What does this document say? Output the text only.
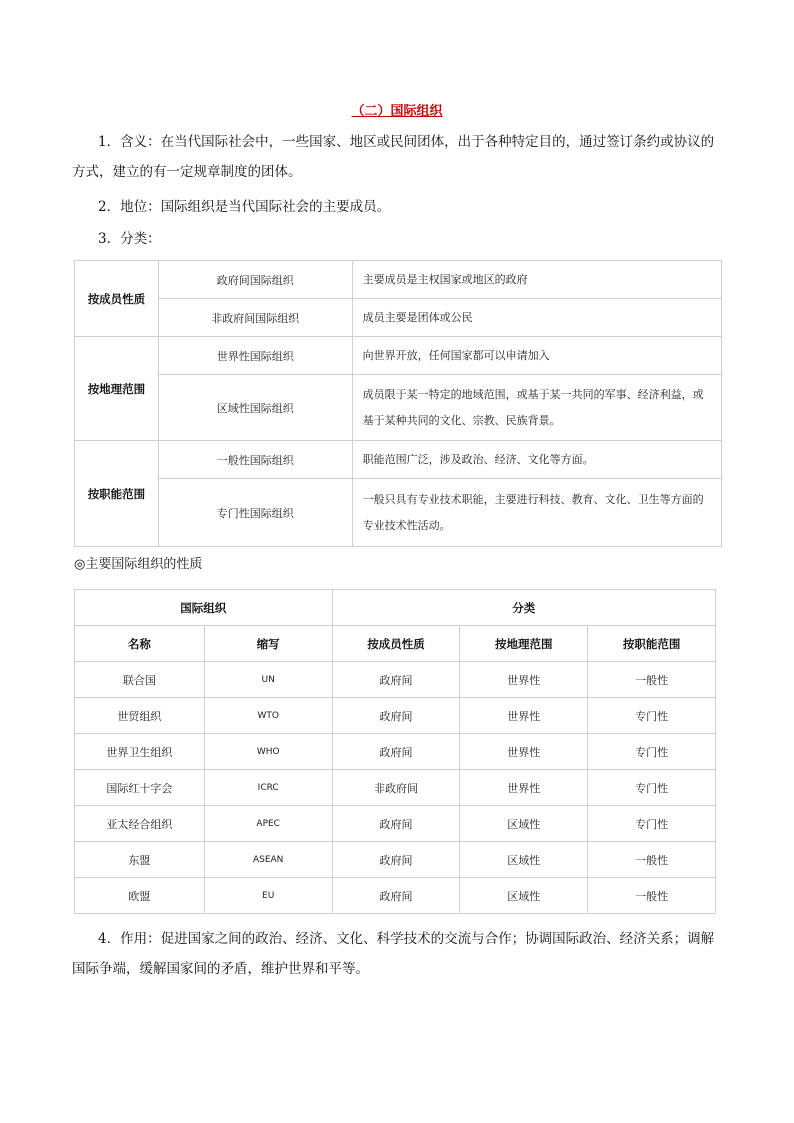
（二）国际组织
1．含义：在当代国际社会中，一些国家、地区或民间团体，出于各种特定目的，通过签订条约或协议的方式，建立的有一定规章制度的团体。
2．地位：国际组织是当代国际社会的主要成员。
3．分类：
按成员性质	政府间国际组织	主要成员是主权国家或地区的政府
	非政府间国际组织	成员主要是团体或公民
按地理范围	世界性国际组织	向世界开放，任何国家都可以申请加入
	区域性国际组织	成员限于某一特定的地域范围，或基于某一共同的军事、经济利益，或基于某种共同的文化、宗教、民族背景。
按职能范围	一般性国际组织	职能范围广泛，涉及政治、经济、文化等方面。
	专门性国际组织	一般只具有专业技术职能，主要进行科技、教育、文化、卫生等方面的专业技术性活动。
◎主要国际组织的性质
国际组织		分类		
名称	缩写	按成员性质	按地理范围	按职能范围
联合国	UN	政府间	世界性	一般性
世贸组织	WTO	政府间	世界性	专门性
世界卫生组织	WHO	政府间	世界性	专门性
国际红十字会	ICRC	非政府间	世界性	专门性
亚太经合组织	APEC	政府间	区域性	专门性
东盟	ASEAN	政府间	区域性	一般性
欧盟	EU	政府间	区域性	一般性
4．作用：促进国家之间的政治、经济、文化、科学技术的交流与合作；协调国际政治、经济关系；调解国际争端，缓解国家间的矛盾，维护世界和平等。
